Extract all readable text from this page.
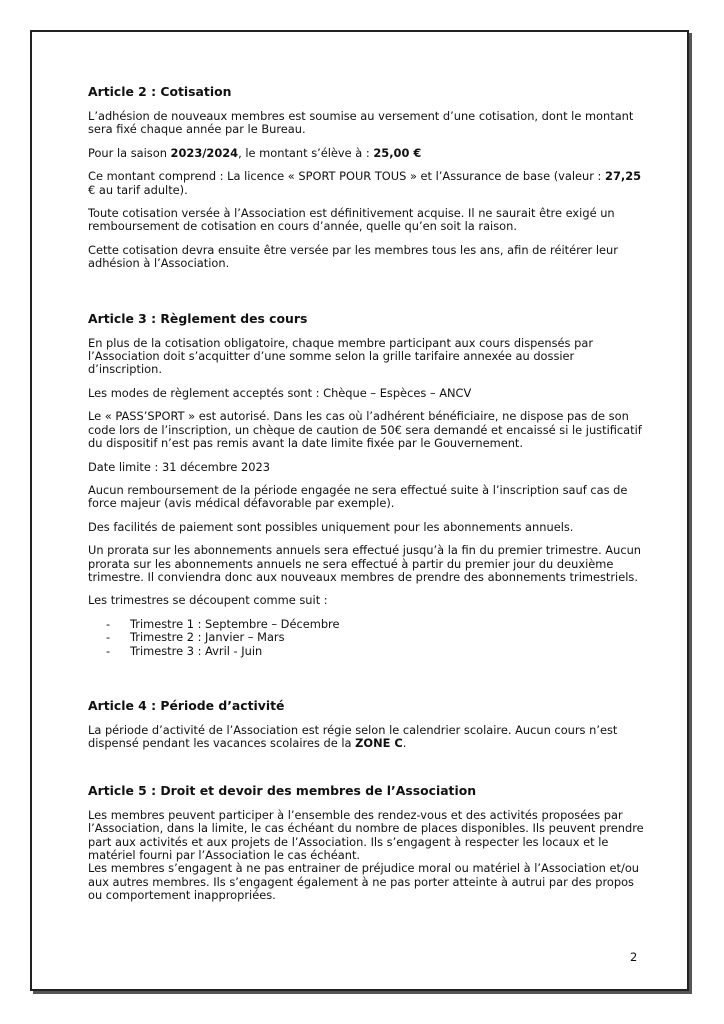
Article 2 : Cotisation

L’adhésion de nouveaux membres est soumise au versement d’une cotisation, dont le montant sera fixé chaque année par le Bureau.

Pour la saison 2023/2024, le montant s’élève à : 25,00 €

Ce montant comprend : La licence « SPORT POUR TOUS » et l’Assurance de base (valeur : 27,25 € au tarif adulte).

Toute cotisation versée à l’Association est définitivement acquise. Il ne saurait être exigé un remboursement de cotisation en cours d’année, quelle qu’en soit la raison.

Cette cotisation devra ensuite être versée par les membres tous les ans, afin de réitérer leur adhésion à l’Association.

Article 3 : Règlement des cours

En plus de la cotisation obligatoire, chaque membre participant aux cours dispensés par l’Association doit s’acquitter d’une somme selon la grille tarifaire annexée au dossier d’inscription.

Les modes de règlement acceptés sont : Chèque – Espèces – ANCV

Le « PASS’SPORT » est autorisé. Dans les cas où l’adhérent bénéficiaire, ne dispose pas de son code lors de l’inscription, un chèque de caution de 50€ sera demandé et encaissé si le justificatif du dispositif n’est pas remis avant la date limite fixée par le Gouvernement.

Date limite : 31 décembre 2023

Aucun remboursement de la période engagée ne sera effectué suite à l’inscription sauf cas de force majeur (avis médical défavorable par exemple).

Des facilités de paiement sont possibles uniquement pour les abonnements annuels.

Un prorata sur les abonnements annuels sera effectué jusqu’à la fin du premier trimestre. Aucun prorata sur les abonnements annuels ne sera effectué à partir du premier jour du deuxième trimestre. Il conviendra donc aux nouveaux membres de prendre des abonnements trimestriels.

Les trimestres se découpent comme suit :

- Trimestre 1 : Septembre – Décembre
- Trimestre 2 : Janvier – Mars
- Trimestre 3 : Avril - Juin
Article 4 : Période d’activité

La période d’activité de l’Association est régie selon le calendrier scolaire. Aucun cours n’est dispensé pendant les vacances scolaires de la ZONE C.

Article 5 : Droit et devoir des membres de l’Association

Les membres peuvent participer à l’ensemble des rendez-vous et des activités proposées par l’Association, dans la limite, le cas échéant du nombre de places disponibles. Ils peuvent prendre part aux activités et aux projets de l’Association. Ils s’engagent à respecter les locaux et le matériel fourni par l’Association le cas échéant.

Les membres s’engagent à ne pas entrainer de préjudice moral ou matériel à l’Association et/ou aux autres membres. Ils s’engagent également à ne pas porter atteinte à autrui par des propos ou comportement inappropriées.

2
